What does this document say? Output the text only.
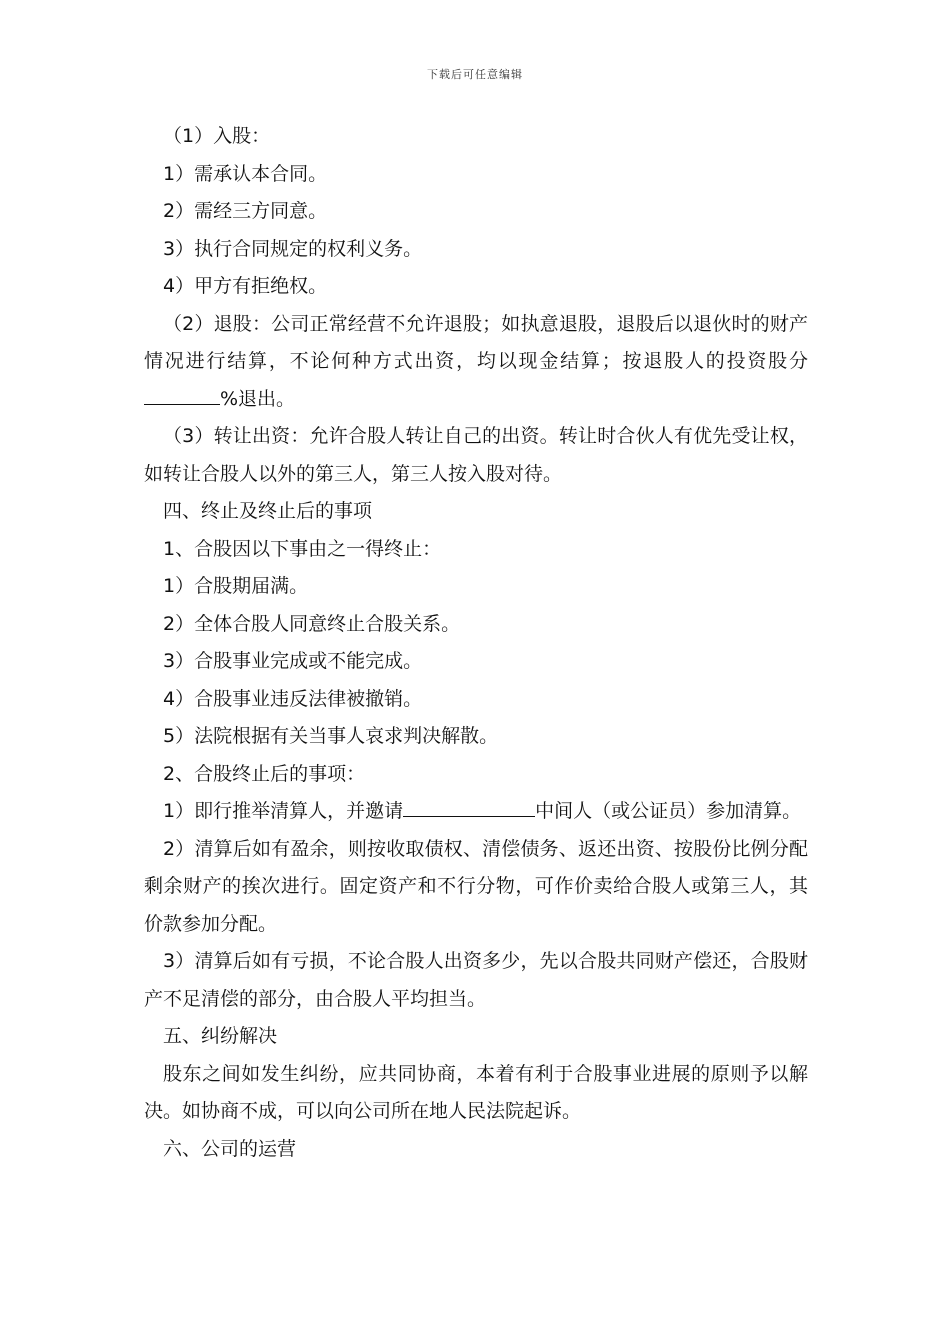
下载后可任意编辑

（1）入股：

1）需承认本合同。

2）需经三方同意。

3）执行合同规定的权利义务。

4）甲方有拒绝权。

（2）退股：公司正常经营不允许退股；如执意退股，退股后以退伙时的财产情况进行结算，不论何种方式出资，均以现金结算；按退股人的投资股分%退出。

（3）转让出资：允许合股人转让自己的出资。转让时合伙人有优先受让权，如转让合股人以外的第三人，第三人按入股对待。

四、终止及终止后的事项

1、合股因以下事由之一得终止：

1）合股期届满。

2）全体合股人同意终止合股关系。

3）合股事业完成或不能完成。

4）合股事业违反法律被撤销。

5）法院根据有关当事人哀求判决解散。

2、合股终止后的事项：

1）即行推举清算人，并邀请	中间人（或公证员）参加清算。

2）清算后如有盈余，则按收取债权、清偿债务、返还出资、按股份比例分配剩余财产的挨次进行。固定资产和不行分物，可作价卖给合股人或第三人，其价款参加分配。

3）清算后如有亏损，不论合股人出资多少，先以合股共同财产偿还，合股财产不足清偿的部分，由合股人平均担当。

五、纠纷解决

股东之间如发生纠纷，应共同协商，本着有利于合股事业进展的原则予以解决。如协商不成，可以向公司所在地人民法院起诉。

六、公司的运营
